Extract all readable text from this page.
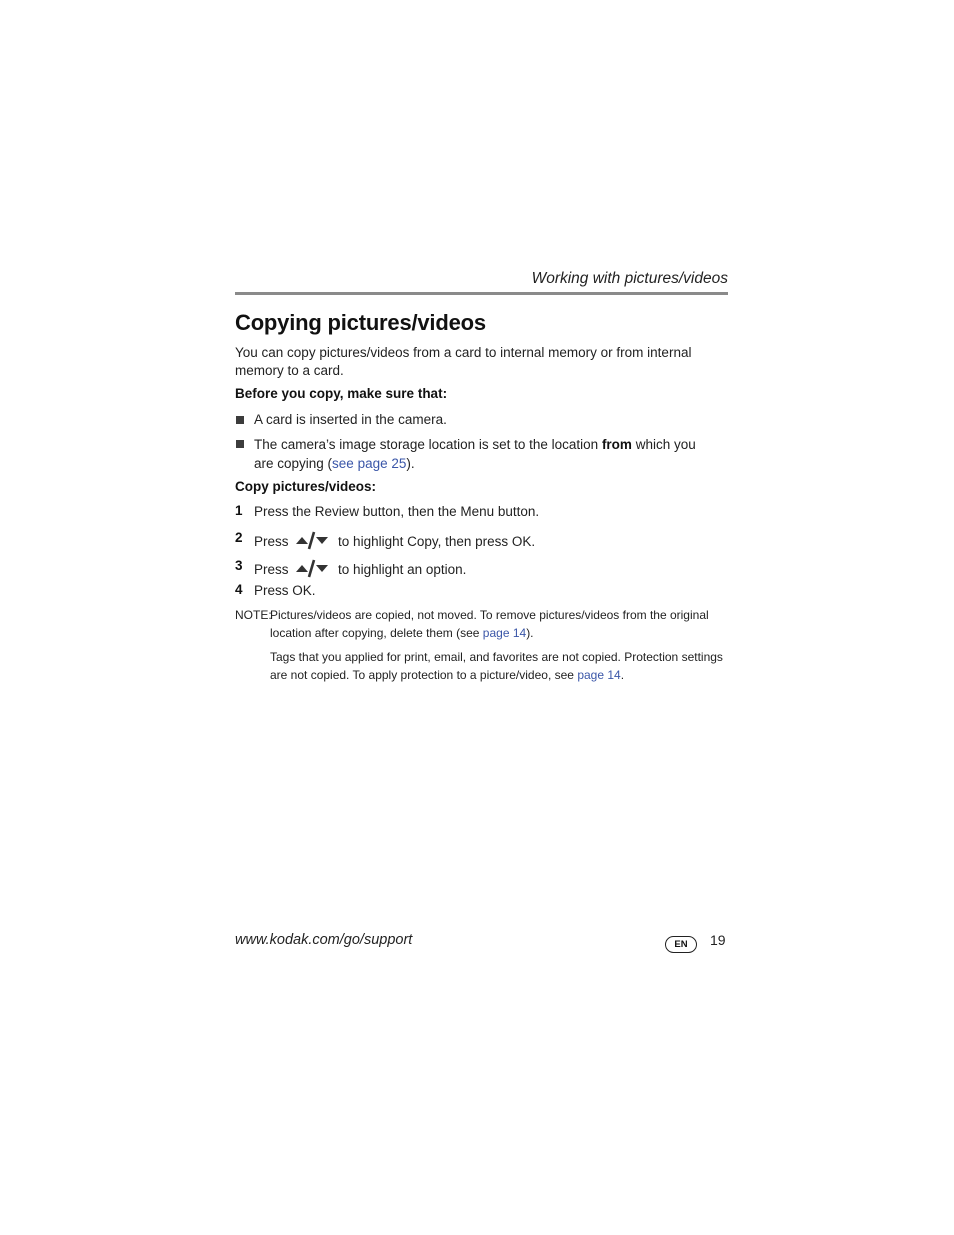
Working with pictures/videos
Copying pictures/videos
You can copy pictures/videos from a card to internal memory or from internal memory to a card.
Before you copy, make sure that:
A card is inserted in the camera.
The camera’s image storage location is set to the location from which you are copying (see page 25).
Copy pictures/videos:
1 Press the Review button, then the Menu button.
2 Press	to highlight Copy, then press OK.
3 Press	to highlight an option.
4 Press OK.
NOTE:
Pictures/videos are copied, not moved. To remove pictures/videos from the original location after copying, delete them (see page 14).
Tags that you applied for print, email, and favorites are not copied. Protection settings are not copied. To apply protection to a picture/video, see page 14.
www.kodak.com/go/support	EN	19
